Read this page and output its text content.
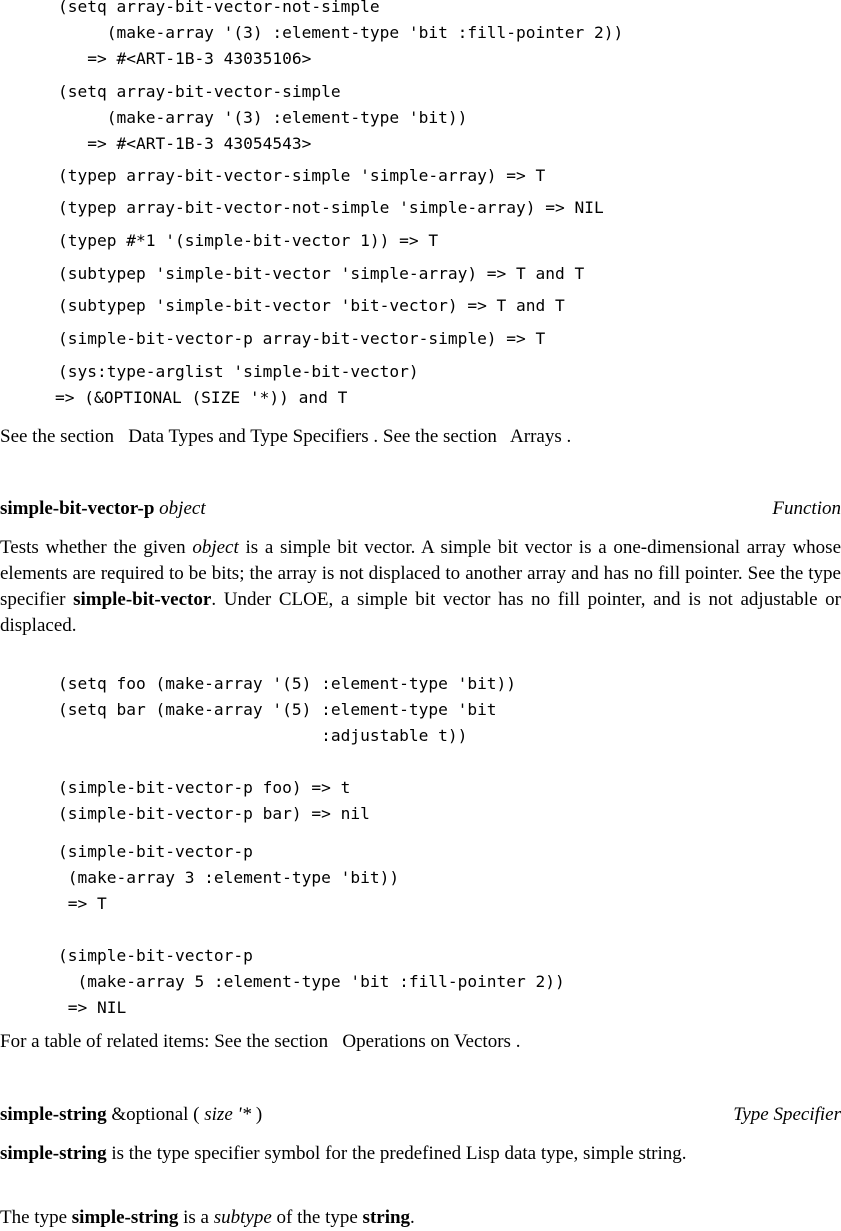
(setq array-bit-vector-not-simple
(make-array '(3) :element-type 'bit :fill-pointer 2))
=> #<ART-1B-3 43035106>
(setq array-bit-vector-simple
(make-array '(3) :element-type 'bit))
=> #<ART-1B-3 43054543>
(typep array-bit-vector-simple 'simple-array) => T
(typep array-bit-vector-not-simple 'simple-array) => NIL
(typep #*1 '(simple-bit-vector 1)) => T
(subtypep 'simple-bit-vector 'simple-array) => T and T
(subtypep 'simple-bit-vector 'bit-vector) => T and T
(simple-bit-vector-p array-bit-vector-simple) => T
(sys:type-arglist 'simple-bit-vector)
=> (&OPTIONAL (SIZE '*)) and T
See the section Data Types and Type Specifiers . See the section Arrays .
simple-bit-vector-p object	Function
Tests whether the given object is a simple bit vector. A simple bit vector is a one-dimensional array whose elements are required to be bits; the array is not displaced to another array and has no fill pointer. See the type specifier simple-bit-vector. Under CLOE, a simple bit vector has no fill pointer, and is not adjustable or displaced.
(setq foo (make-array '(5) :element-type 'bit))
(setq bar (make-array '(5) :element-type 'bit
:adjustable t))
(simple-bit-vector-p foo) => t
(simple-bit-vector-p bar) => nil
(simple-bit-vector-p
(make-array 3 :element-type 'bit))
=> T
(simple-bit-vector-p
(make-array 5 :element-type 'bit :fill-pointer 2))
=> NIL
For a table of related items: See the section Operations on Vectors .
simple-string &optional ( size '* )	Type Specifier
simple-string is the type specifier symbol for the predefined Lisp data type, simple string.
The type simple-string is a subtype of the type string.
